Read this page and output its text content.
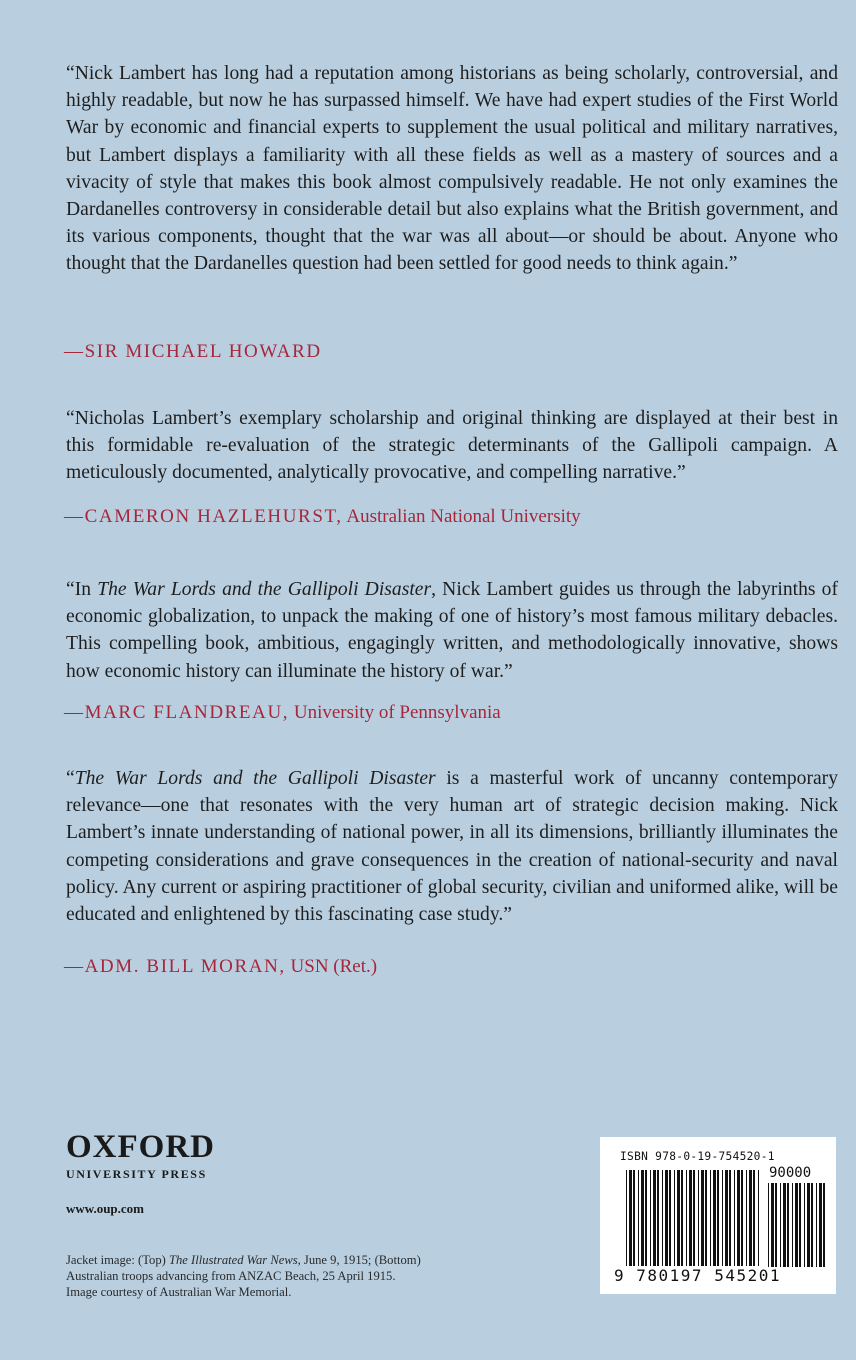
“Nick Lambert has long had a reputation among historians as being scholarly, controversial, and highly readable, but now he has surpassed himself. We have had expert studies of the First World War by economic and financial experts to supplement the usual political and military narratives, but Lambert displays a familiarity with all these fields as well as a mastery of sources and a vivacity of style that makes this book almost compulsively readable. He not only examines the Dardanelles controversy in considerable detail but also explains what the British government, and its various components, thought that the war was all about—or should be about. Anyone who thought that the Dardanelles question had been settled for good needs to think again.”

—SIR MICHAEL HOWARD

“Nicholas Lambert’s exemplary scholarship and original thinking are displayed at their best in this formidable re-evaluation of the strategic determinants of the Gallipoli campaign. A meticulously documented, analytically provocative, and compelling narrative.”

—CAMERON HAZLEHURST, Australian National University

“In The War Lords and the Gallipoli Disaster, Nick Lambert guides us through the labyrinths of economic globalization, to unpack the making of one of history’s most famous military debacles. This compelling book, ambitious, engagingly written, and methodologically innovative, shows how economic history can illuminate the history of war.”

—MARC FLANDREAU, University of Pennsylvania

“The War Lords and the Gallipoli Disaster is a masterful work of uncanny contemporary relevance—one that resonates with the very human art of strategic decision making. Nick Lambert’s innate understanding of national power, in all its dimensions, brilliantly illuminates the competing considerations and grave consequences in the creation of national-security and naval policy. Any current or aspiring practitioner of global security, civilian and uniformed alike, will be educated and enlightened by this fascinating case study.”

—ADM. BILL MORAN, USN (Ret.)
OXFORD
UNIVERSITY PRESS
www.oup.com
Jacket image: (Top) The Illustrated War News, June 9, 1915; (Bottom) Australian troops advancing from ANZAC Beach, 25 April 1915. Image courtesy of Australian War Memorial.
ISBN 978-0-19-754520-1
90000
9 780197 545201
